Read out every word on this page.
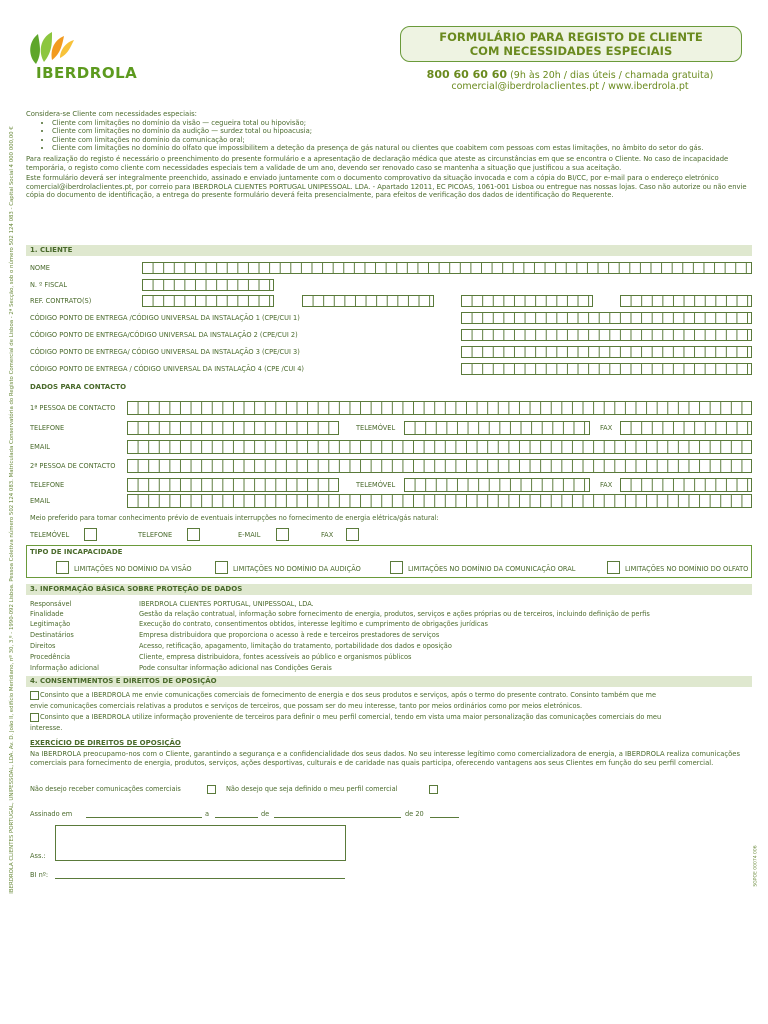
IBERDROLA CLIENTES PORTUGAL, UNIPESSOAL, LDA. Av. D. João II, edifício Meridiano, nº 30, 3.º - 1990-092 Lisboa. Pessoa Coletiva número 502 124 083. Matriculada Conservatória do Registo Comercial de Lisboa - 2ª Secção, sob o número 502 124 083 - Capital Social 4 000 000,00 €
IBERDROLA
FORMULÁRIO PARA REGISTO DE CLIENTE
COM NECESSIDADES ESPECIAIS
800 60 60 60 (9h às 20h / dias úteis / chamada gratuita)
comercial@iberdrolaclientes.pt / www.iberdrola.pt
Considera-se Cliente com necessidades especiais:
• Cliente com limitações no domínio da visão — cegueira total ou hipovisão;
• Cliente com limitações no domínio da audição — surdez total ou hipoacusia;
• Cliente com limitações no domínio da comunicação oral;
• Cliente com limitações no domínio do olfato que impossibilitem a deteção da presença de gás natural ou clientes que coabitem com pessoas com estas limitações, no âmbito do setor do gás.
Para realização do registo é necessário o preenchimento do presente formulário e a apresentação de declaração médica que ateste as circunstâncias em que se encontra o Cliente. No caso de incapacidade temporária, o registo como cliente com necessidades especiais tem a validade de um ano, devendo ser renovado caso se mantenha a situação que justificou a sua aceitação.
Este formulário deverá ser integralmente preenchido, assinado e enviado juntamente com o documento comprovativo da situação invocada e com a cópia do BI/CC, por e-mail para o endereço eletrónico comercial@iberdrolaclientes.pt, por correio para IBERDROLA CLIENTES PORTUGAL UNIPESSOAL. LDA. - Apartado 12011, EC PICOAS, 1061-001 Lisboa ou entregue nas nossas lojas. Caso não autorize ou não envie cópia do documento de identificação, a entrega do presente formulário deverá feita presencialmente, para efeitos de verificação dos dados de identificação do Requerente.
1. CLIENTE
NOME
N. º FISCAL
REF. CONTRATO(S)
CÓDIGO PONTO DE ENTREGA /CÓDIGO UNIVERSAL DA INSTALAÇÃO 1 (CPE/CUI 1)
CÓDIGO PONTO DE ENTREGA/CÓDIGO UNIVERSAL DA INSTALAÇÃO 2 (CPE/CUI 2)
CÓDIGO PONTO DE ENTREGA/ CÓDIGO UNIVERSAL DA INSTALAÇÃO 3 (CPE/CUI 3)
CÓDIGO PONTO DE ENTREGA / CÓDIGO UNIVERSAL DA INSTALAÇÃO 4 (CPE /CUI 4)
DADOS PARA CONTACTO
1ª PESSOA DE CONTACTO
TELEFONE	TELEMÓVEL	FAX
EMAIL
2ª PESSOA DE CONTACTO
TELEFONE	TELEMÓVEL	FAX
EMAIL
Meio preferido para tomar conhecimento prévio de eventuais interrupções no fornecimento de energia elétrica/gás natural:
TELEMÓVEL	TELEFONE	E-MAIL	FAX
TIPO DE INCAPACIDADE
LIMITAÇÕES NO DOMÍNIO DA VISÃO	LIMITAÇÕES NO DOMÍNIO DA AUDIÇÃO	LIMITAÇÕES NO DOMÍNIO DA COMUNICAÇÃO ORAL	LIMITAÇÕES NO DOMÍNIO DO OLFATO
3. INFORMAÇÃO BÁSICA SOBRE PROTEÇÃO DE DADOS
Responsável	IBERDROLA CLIENTES PORTUGAL, UNIPESSOAL, LDA.
Finalidade	Gestão da relação contratual, informação sobre fornecimento de energia, produtos, serviços e ações próprias ou de terceiros, incluindo definição de perfis
Legitimação	Execução do contrato, consentimentos obtidos, interesse legítimo e cumprimento de obrigações jurídicas
Destinatários	Empresa distribuidora que proporciona o acesso à rede e terceiros prestadores de serviços
Direitos	Acesso, retificação, apagamento, limitação do tratamento, portabilidade dos dados e oposição
Procedência	Cliente, empresa distribuidora, fontes acessíveis ao público e organismos públicos
Informação adicional	Pode consultar informação adicional nas Condições Gerais
4. CONSENTIMENTOS E DIREITOS DE OPOSIÇÃO
Consinto que a IBERDROLA me envie comunicações comerciais de fornecimento de energia e dos seus produtos e serviços, após o termo do presente contrato. Consinto também que me
envie comunicações comerciais relativas a produtos e serviços de terceiros, que possam ser do meu interesse, tanto por meios ordinários como por meios eletrónicos.
Consinto que a IBERDROLA utilize informação proveniente de terceiros para definir o meu perfil comercial, tendo em vista uma maior personalização das comunicações comerciais do meu
interesse.
EXERCÍCIO DE DIREITOS DE OPOSIÇÃO
Na IBERDROLA preocupamo-nos com o Cliente, garantindo a segurança e a confidencialidade dos seus dados. No seu interesse legítimo como comercializadora de energia, a IBERDROLA realiza comunicações comerciais para fornecimento de energia, produtos, serviços, ações desportivas, culturais e de caridade nas quais participa, oferecendo vantagens aos seus Clientes em função do seu perfil comercial.
Não desejo receber comunicações comerciais	Não desejo que seja definido o meu perfil comercial
Assinado em	a	de	de 20
Ass.:
BI nº:	SGPOE 00074 006
